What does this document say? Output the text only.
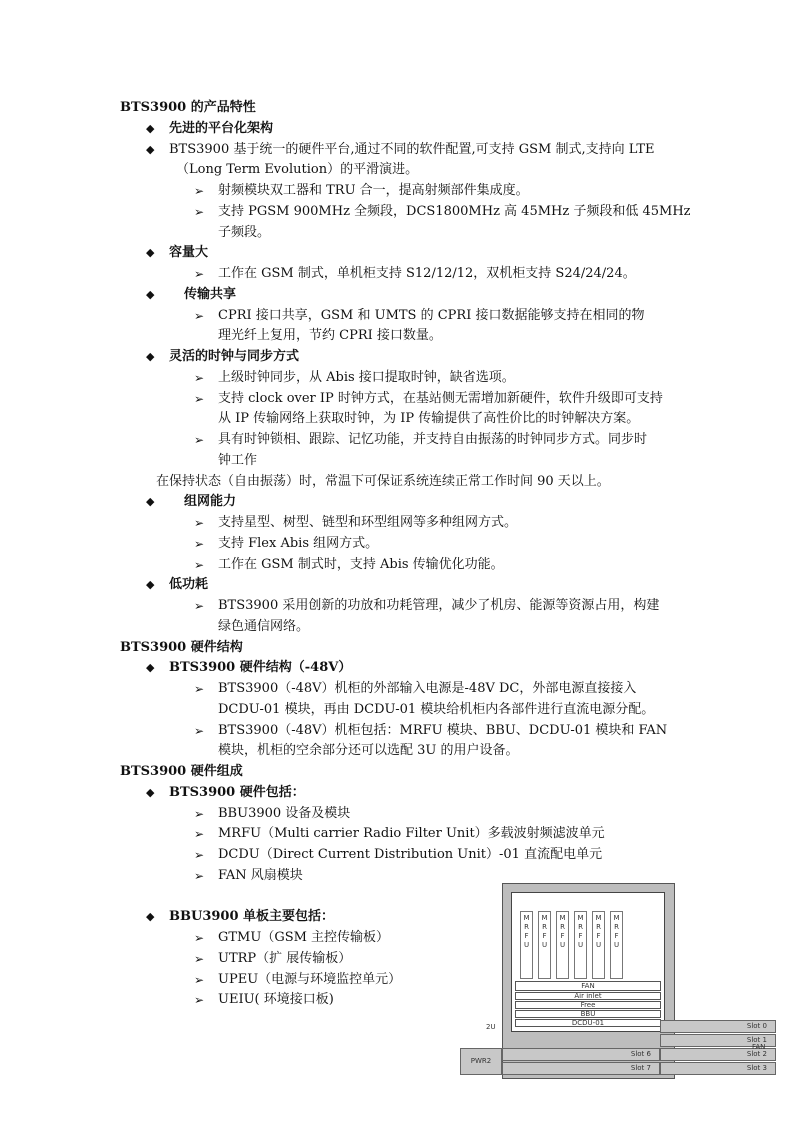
BTS3900 的产品特性
◆ 先进的平台化架构
◆ BTS3900 基于统一的硬件平台,通过不同的软件配置,可支持 GSM 制式,支持向 LTE
（Long Term Evolution）的平滑演进。
➢ 射频模块双工器和 TRU 合一，提高射频部件集成度。
➢ 支持 PGSM 900MHz 全频段，DCS1800MHz 高 45MHz 子频段和低 45MHz
子频段。
◆ 容量大
➢ 工作在 GSM 制式，单机柜支持 S12/12/12，双机柜支持 S24/24/24。
◆ 传输共享
➢ CPRI 接口共享，GSM 和 UMTS 的 CPRI 接口数据能够支持在相同的物
理光纤上复用，节约 CPRI 接口数量。
◆ 灵活的时钟与同步方式
➢ 上级时钟同步，从 Abis 接口提取时钟，缺省选项。
➢ 支持 clock over IP 时钟方式，在基站侧无需增加新硬件，软件升级即可支持
从 IP 传输网络上获取时钟，为 IP 传输提供了高性价比的时钟解决方案。
➢ 具有时钟锁相、跟踪、记忆功能，并支持自由振荡的时钟同步方式。同步时
钟工作
在保持状态（自由振荡）时，常温下可保证系统连续正常工作时间 90 天以上。
◆ 组网能力
➢ 支持星型、树型、链型和环型组网等多种组网方式。
➢ 支持 Flex Abis 组网方式。
➢ 工作在 GSM 制式时，支持 Abis 传输优化功能。
◆ 低功耗
➢ BTS3900 采用创新的功放和功耗管理，减少了机房、能源等资源占用，构建
绿色通信网络。
BTS3900 硬件结构
◆ BTS3900 硬件结构（-48V）
➢ BTS3900（-48V）机柜的外部输入电源是-48V DC，外部电源直接接入
DCDU-01 模块，再由 DCDU-01 模块给机柜内各部件进行直流电源分配。
➢ BTS3900（-48V）机柜包括：MRFU 模块、BBU、DCDU-01 模块和 FAN
模块，机柜的空余部分还可以选配 3U 的用户设备。
BTS3900 硬件组成
◆ BTS3900 硬件包括：
➢ BBU3900 设备及模块
➢ MRFU（Multi carrier Radio Filter Unit）多载波射频滤波单元
➢ DCDU（Direct Current Distribution Unit）-01 直流配电单元
➢ FAN 风扇模块
◆ BBU3900 单板主要包括：
➢ GTMU（GSM 主控传输板）
➢ UTRP（扩 展传输板）
➢ UPEU（电源与环境监控单元）
➢ UEIU( 环境接口板)
M
R
F
U
M
R
F
U
M
R
F
U
M
R
F
U
M
R
F
U
M
R
F
U
FAN
Air inlet
Free
BBU
DCDU-01
2U	Slot 0
Slot 1
Slot 2
Slot 3
PWR2
Slot 6
Slot 7
FAN
